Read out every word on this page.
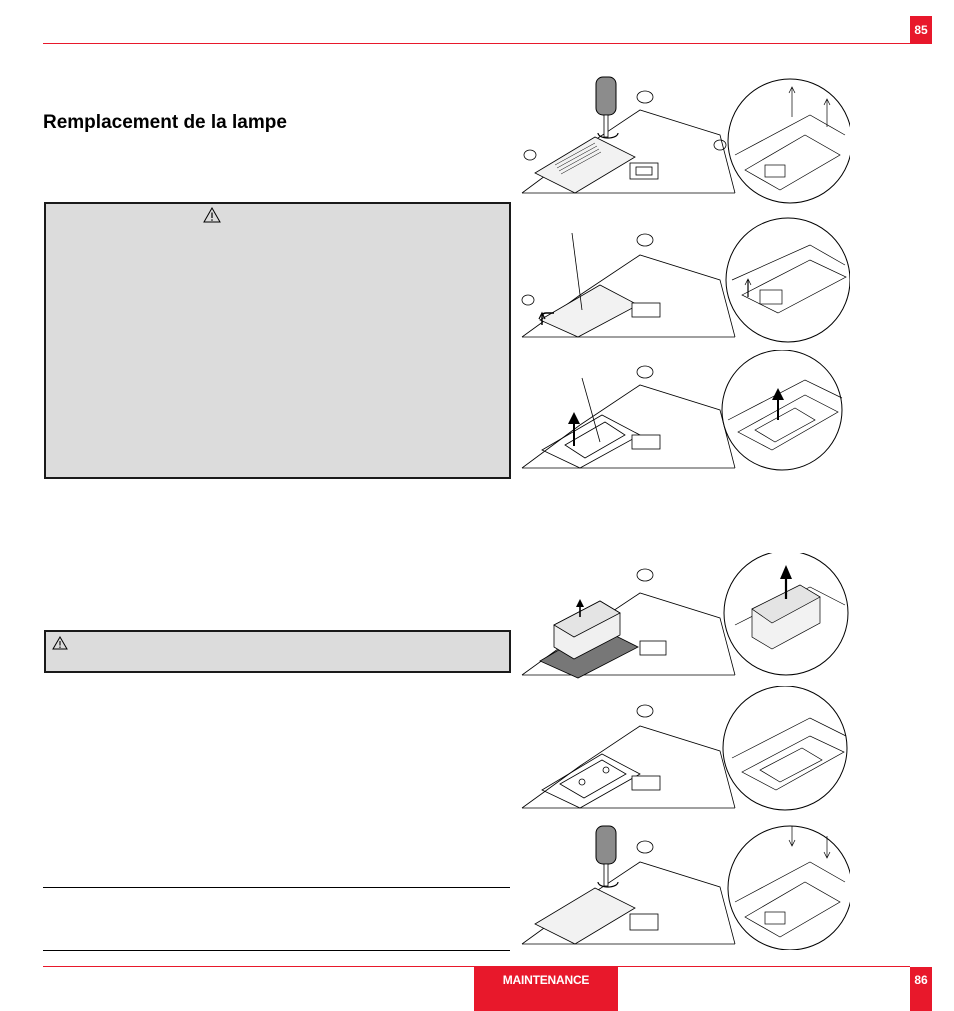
85
Remplacement de la lampe
MAINTENANCE	86
